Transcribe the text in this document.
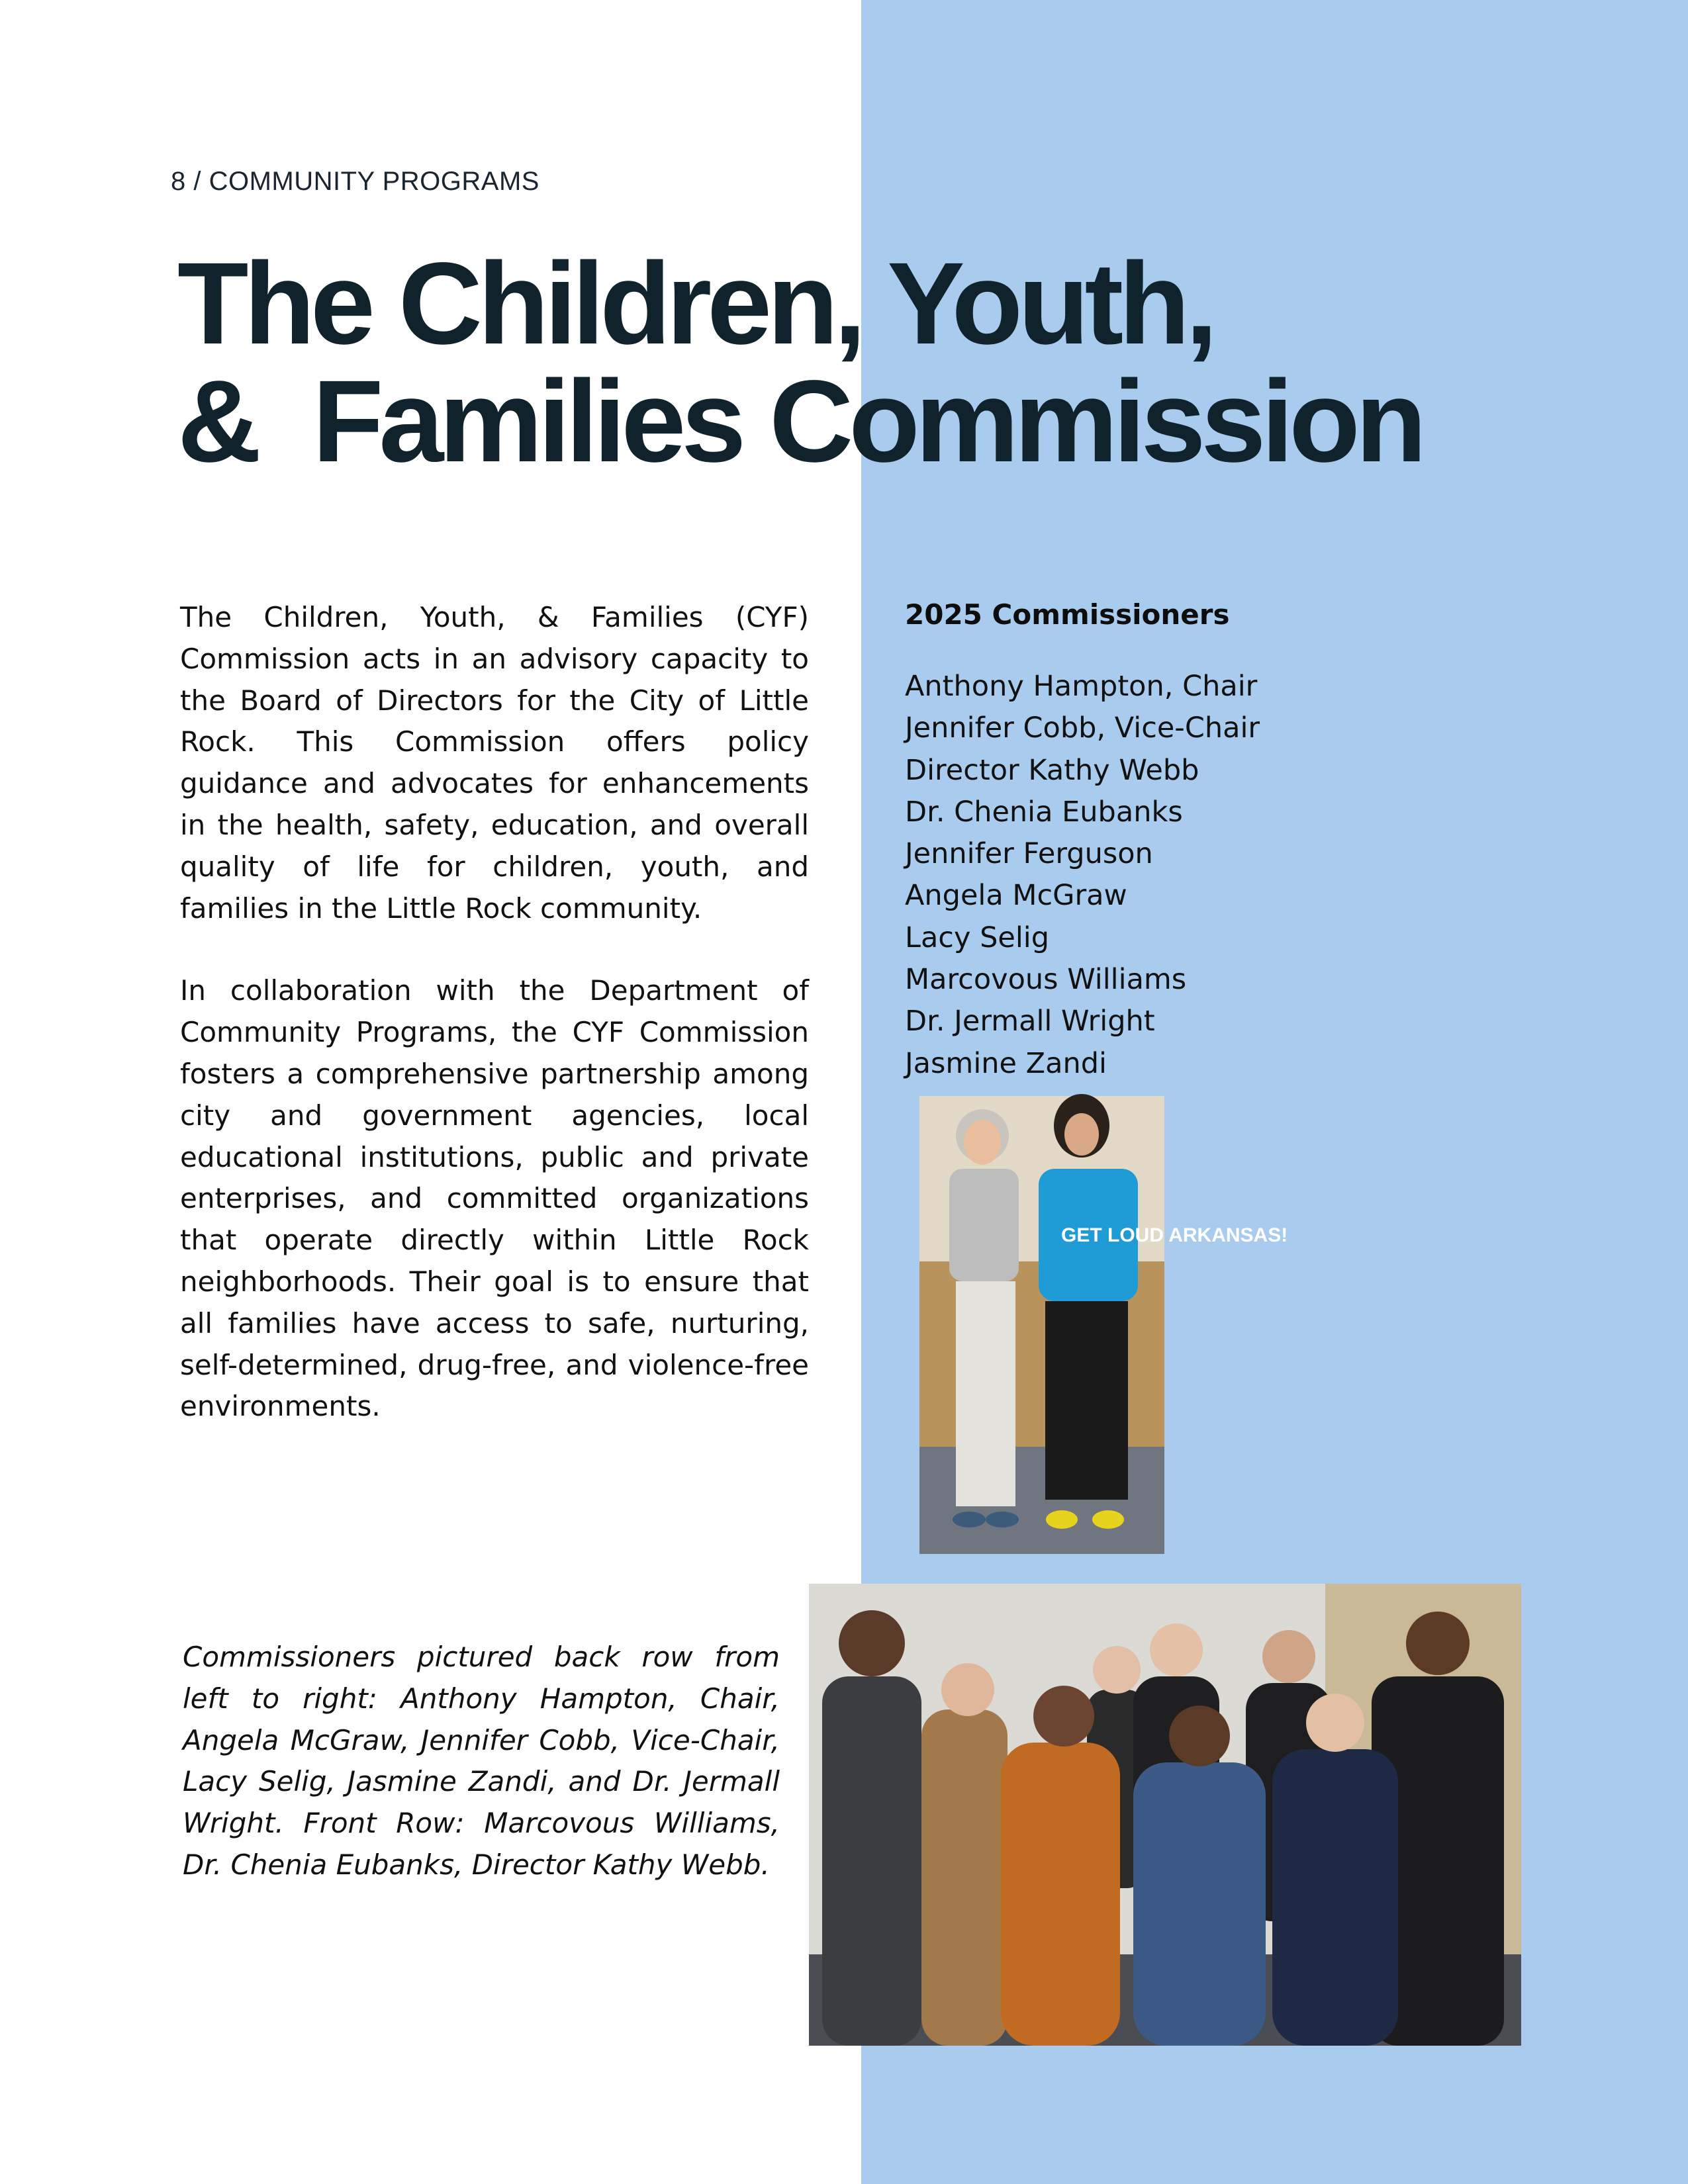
8 / COMMUNITY PROGRAMS
The Children, Youth,
&  Families Commission

The Children, Youth, & Families (CYF) Commission acts in an advisory capacity to the Board of Directors for the City of Little Rock. This Commission offers policy guidance and advocates for enhancements in the health, safety, education, and overall quality of life for children, youth, and families in the Little Rock community.

In collaboration with the Department of Community Programs, the CYF Commission fosters a comprehensive partnership among city and government agencies, local educational institutions, public and private enterprises, and committed organizations that operate directly within Little Rock neighborhoods. Their goal is to ensure that all families have access to safe, nurturing, self-determined, drug-free, and violence-free environments.

2025 Commissioners
Anthony Hampton, Chair
Jennifer Cobb, Vice-Chair
Director Kathy Webb
Dr. Chenia Eubanks
Jennifer Ferguson
Angela McGraw
Lacy Selig
Marcovous Williams
Dr. Jermall Wright
Jasmine Zandi
GET LOUD ARKANSAS!
Commissioners pictured back row from left to right: Anthony Hampton, Chair, Angela McGraw, Jennifer Cobb, Vice-Chair, Lacy Selig, Jasmine Zandi, and Dr. Jermall Wright. Front Row: Marcovous Williams, Dr. Chenia Eubanks, Director Kathy Webb.
